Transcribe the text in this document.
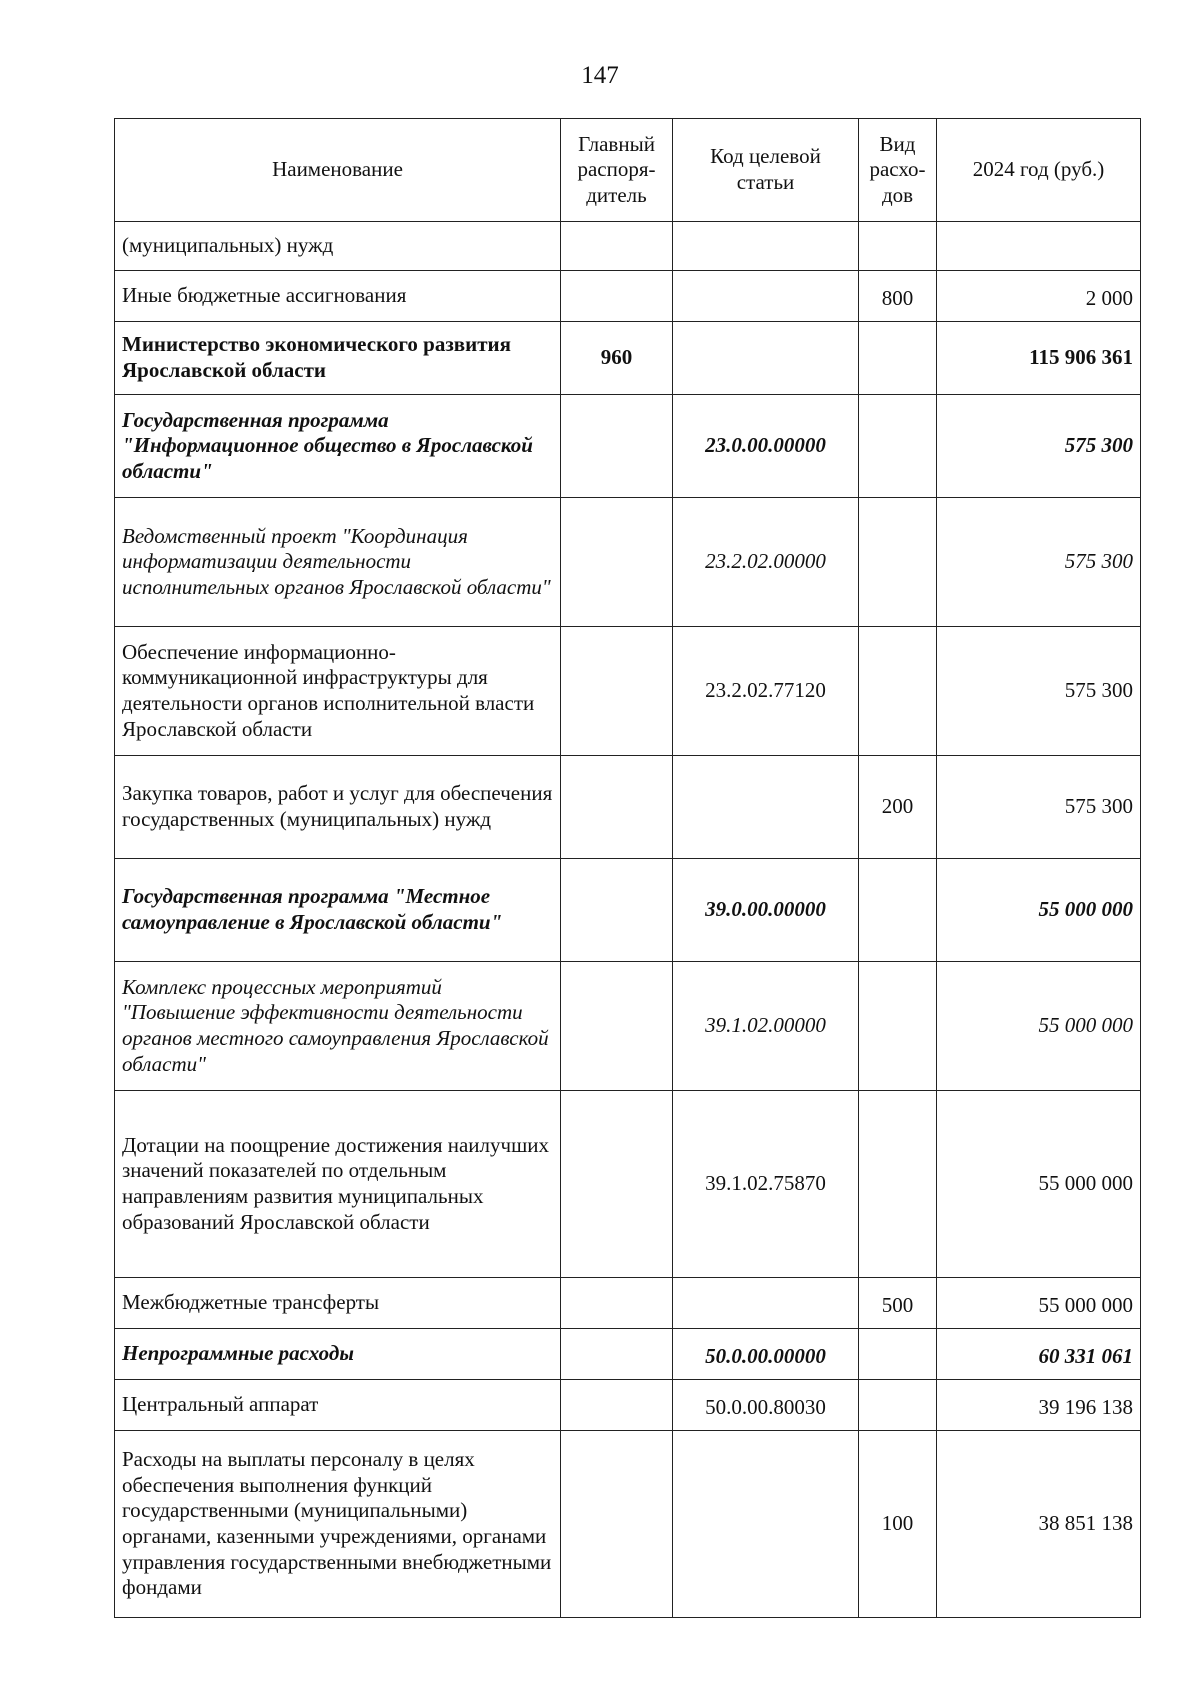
147
Наименование	Главный распоря-дитель	Код целевой статьи	Вид расхо-дов	2024 год (руб.)
(муниципальных) нужд				
Иные бюджетные ассигнования			800	2 000
Министерство экономического развития Ярославской области	960			115 906 361
Государственная программа "Информационное общество в Ярославской области"		23.0.00.00000		575 300
Ведомственный проект "Координация информатизации деятельности исполнительных органов Ярославской области"		23.2.02.00000		575 300
Обеспечение информационно-коммуникационной инфраструктуры для деятельности органов исполнительной власти Ярославской области		23.2.02.77120		575 300
Закупка товаров, работ и услуг для обеспечения государственных (муниципальных) нужд			200	575 300
Государственная программа "Местное самоуправление в Ярославской области"		39.0.00.00000		55 000 000
Комплекс процессных мероприятий "Повышение эффективности деятельности органов местного самоуправления Ярославской области"		39.1.02.00000		55 000 000
Дотации на поощрение достижения наилучших значений показателей по отдельным направлениям развития муниципальных образований Ярославской области		39.1.02.75870		55 000 000
Межбюджетные трансферты			500	55 000 000
Непрограммные расходы		50.0.00.00000		60 331 061
Центральный аппарат		50.0.00.80030		39 196 138
Расходы на выплаты персоналу в целях обеспечения выполнения функций государственными (муниципальными) органами, казенными учреждениями, органами управления государственными внебюджетными фондами			100	38 851 138
